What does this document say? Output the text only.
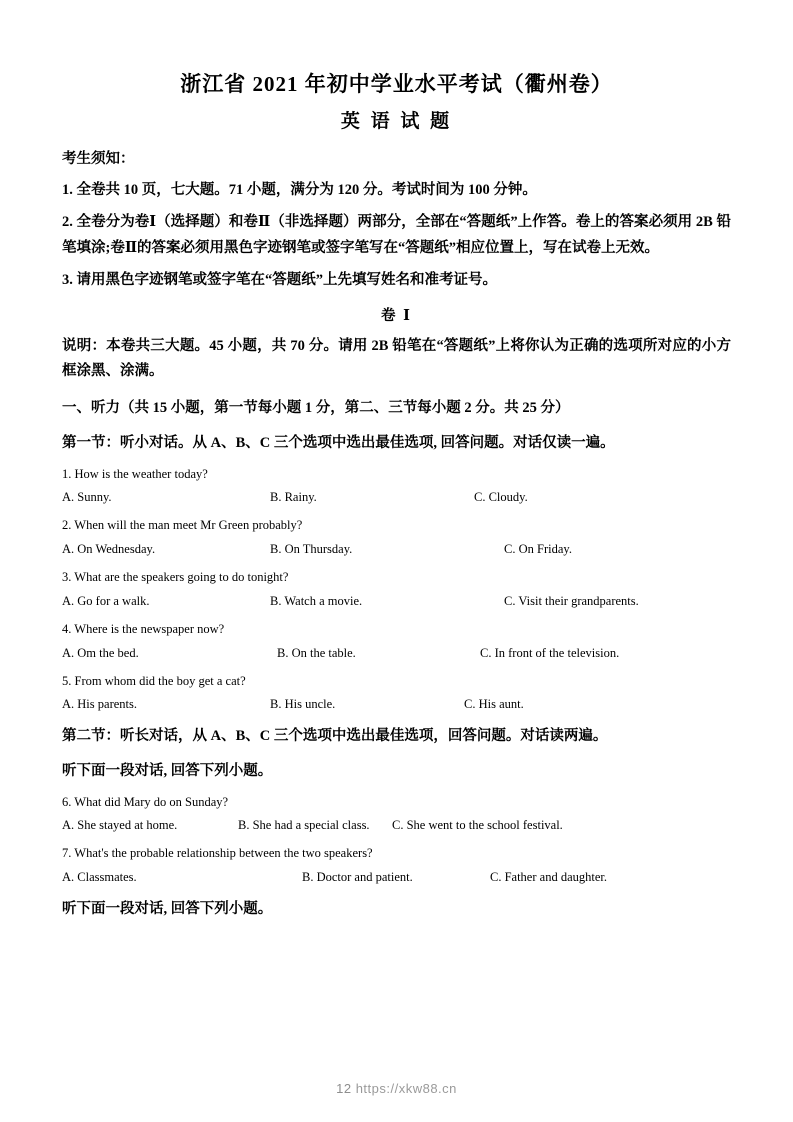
浙江省 2021 年初中学业水平考试（衢州卷）
英 语 试 题
考生须知：
1. 全卷共 10 页，七大题。71 小题，满分为 120 分。考试时间为 100 分钟。
2. 全卷分为卷Ⅰ（选择题）和卷Ⅱ（非选择题）两部分，全部在“答题纸”上作答。卷上的答案必须用 2B 铅笔填涂;卷Ⅱ的答案必须用黑色字迹钢笔或签字笔写在“答题纸”相应位置上，写在试卷上无效。
3. 请用黑色字迹钢笔或签字笔在“答题纸”上先填写姓名和准考证号。
卷 Ⅰ
说明：本卷共三大题。45 小题，共 70 分。请用 2B 铅笔在“答题纸”上将你认为正确的选项所对应的小方框涂黑、涂满。
一、听力（共 15 小题，第一节每小题 1 分，第二、三节每小题 2 分。共 25 分）
第一节：听小对话。从 A、B、C 三个选项中选出最佳选项, 回答问题。对话仅读一遍。
1. How is the weather today?
A. Sunny.	B. Rainy.	C. Cloudy.
2. When will the man meet Mr Green probably?
A. On Wednesday.	B. On Thursday.	C. On Friday.
3. What are the speakers going to do tonight?
A. Go for a walk.	B. Watch a movie.	C. Visit their grandparents.
4. Where is the newspaper now?
A. Om the bed.	B. On the table.	C. In front of the television.
5. From whom did the boy get a cat?
A. His parents.	B. His uncle.	C. His aunt.
第二节：听长对话，从 A、B、C 三个选项中选出最佳选项，回答问题。对话读两遍。
听下面一段对话, 回答下列小题。
6. What did Mary do on Sunday?
A. She stayed at home.	B. She had a special class. C. She went to the school festival.
7. What's the probable relationship between the two speakers?
A. Classmates.	B. Doctor and patient.	C. Father and daughter.
听下面一段对话, 回答下列小题。
12 https://xkw88.cn
